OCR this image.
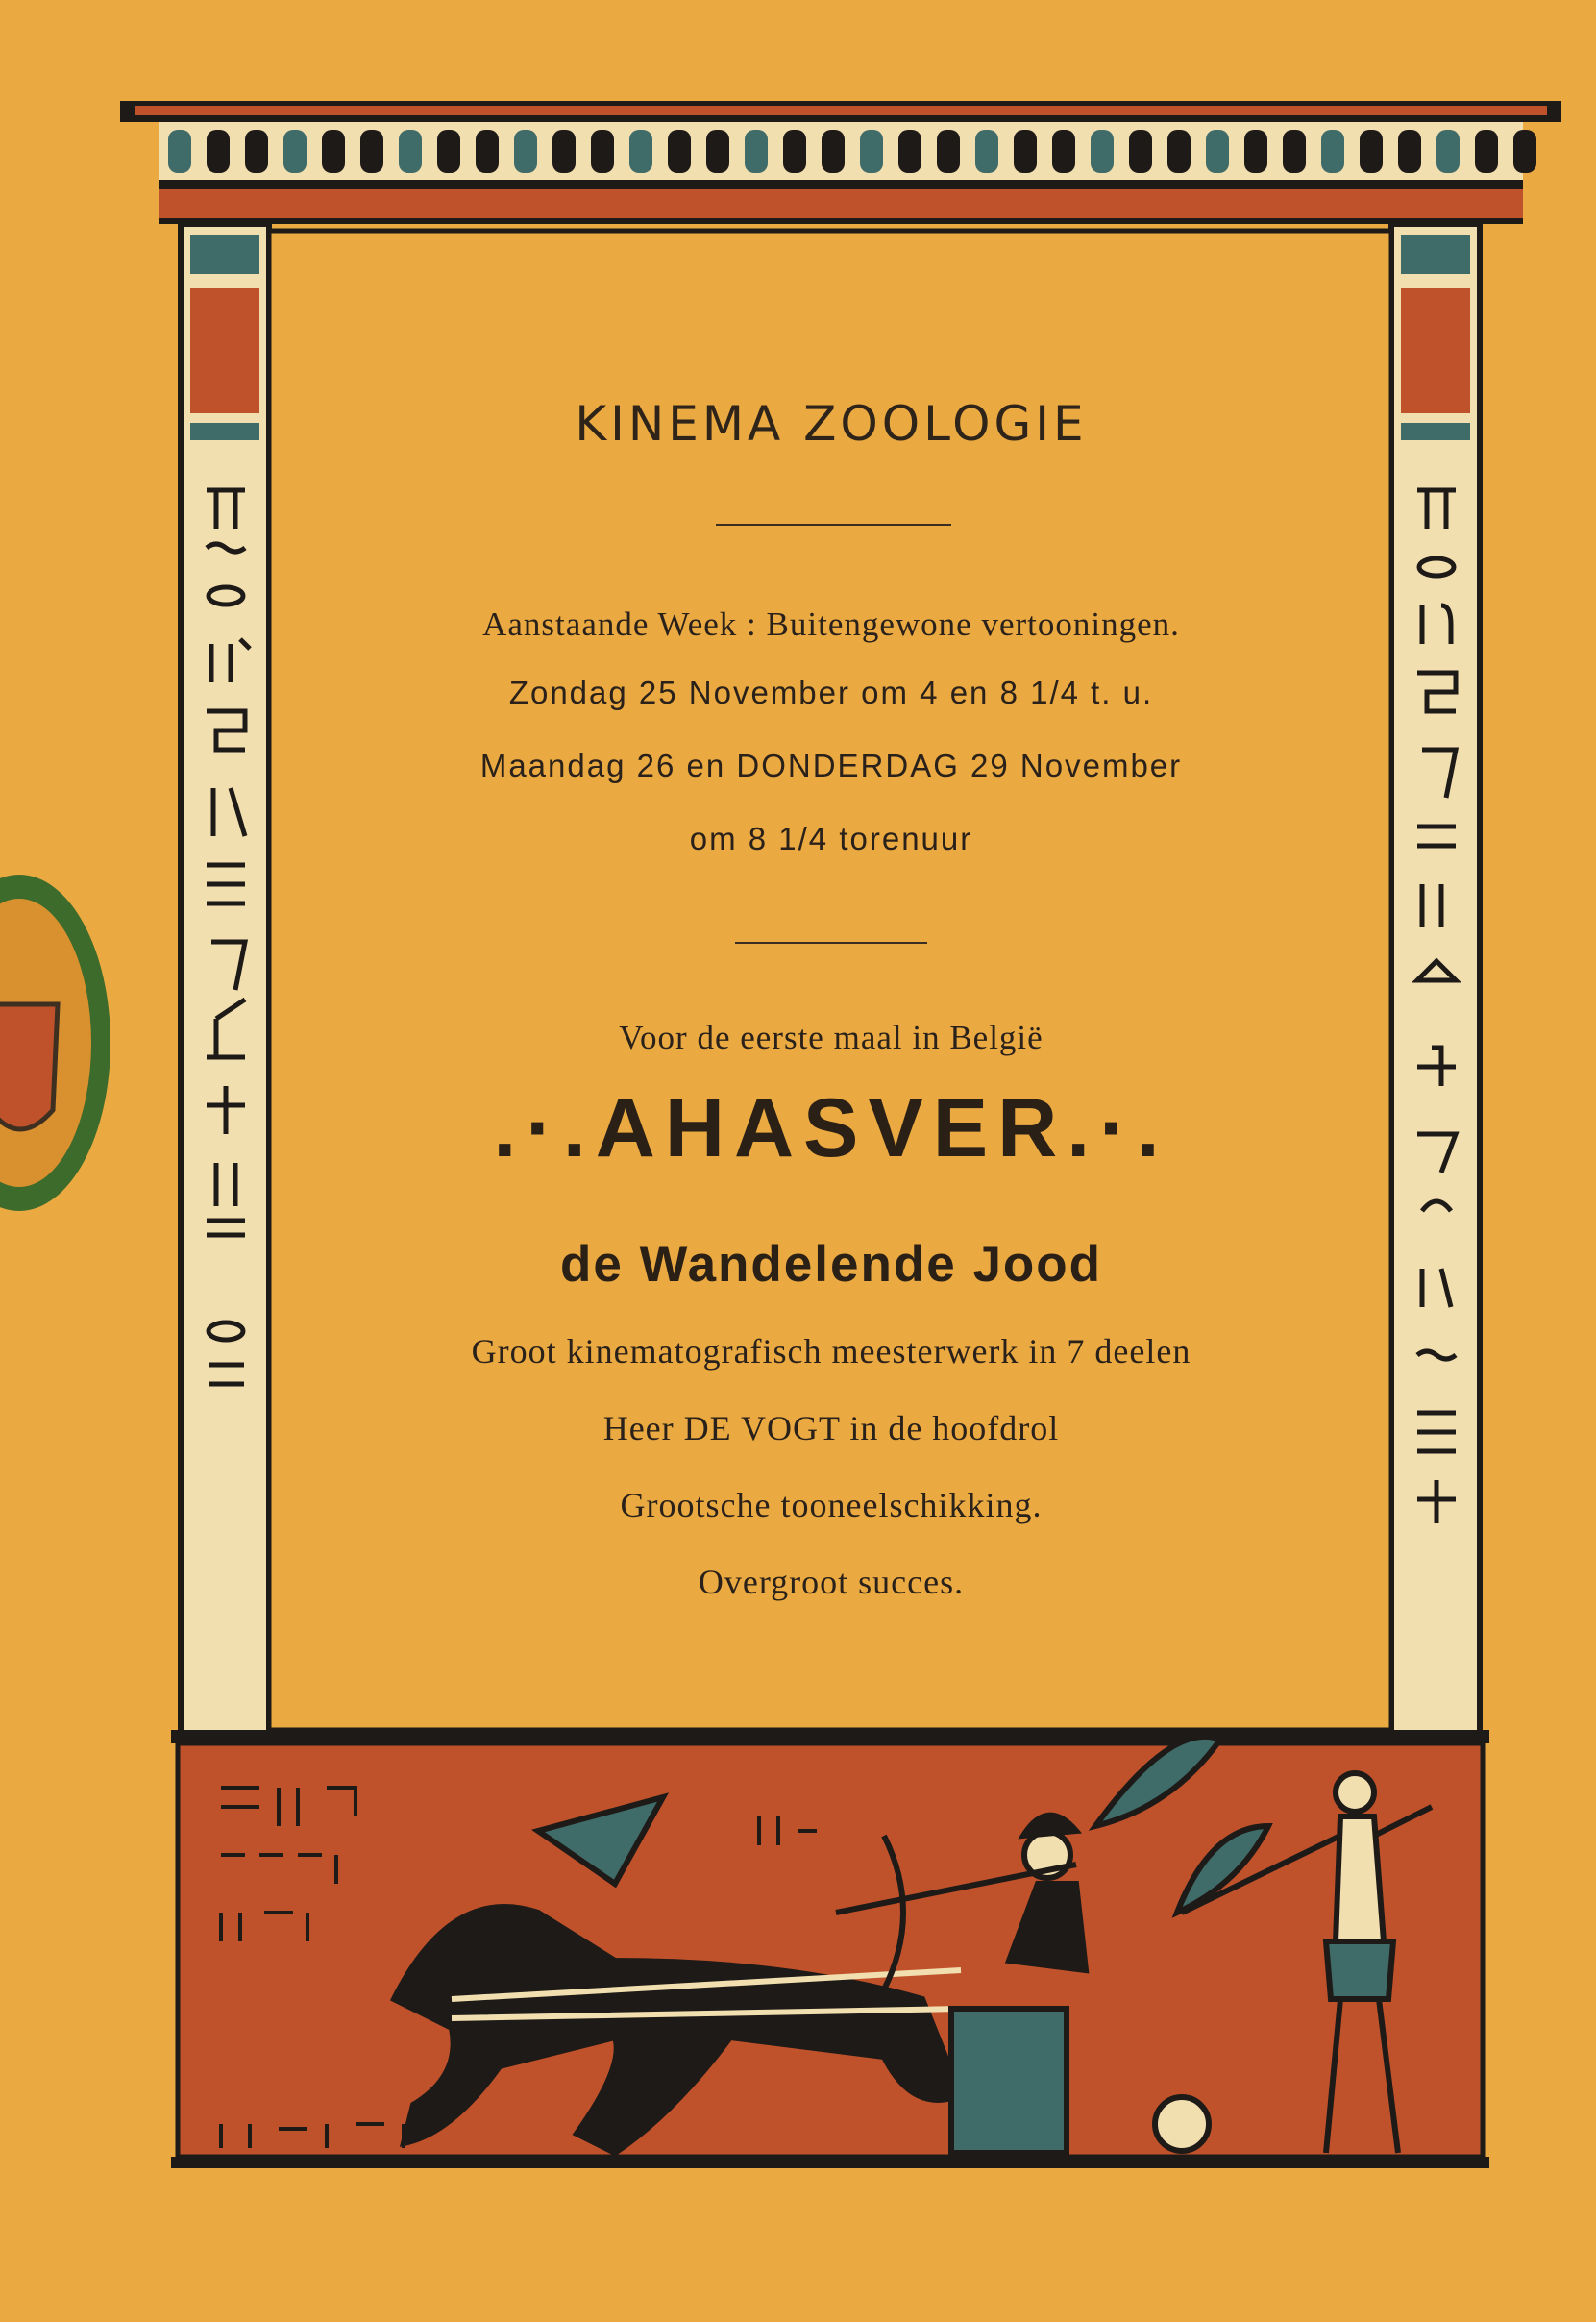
KINEMA ZOOLOGIE
Aanstaande Week : Buitengewone vertooningen.
Zondag 25 November om 4 en 8 1/4 t. u.
Maandag 26 en DONDERDAG 29 November
om 8 1/4 torenuur
Voor de eerste maal in België
.·.AHASVER.·.
de Wandelende Jood
Groot kinematografisch meesterwerk in 7 deelen
Heer DE VOGT in de hoofdrol
Grootsche tooneelschikking.
Overgroot succes.
